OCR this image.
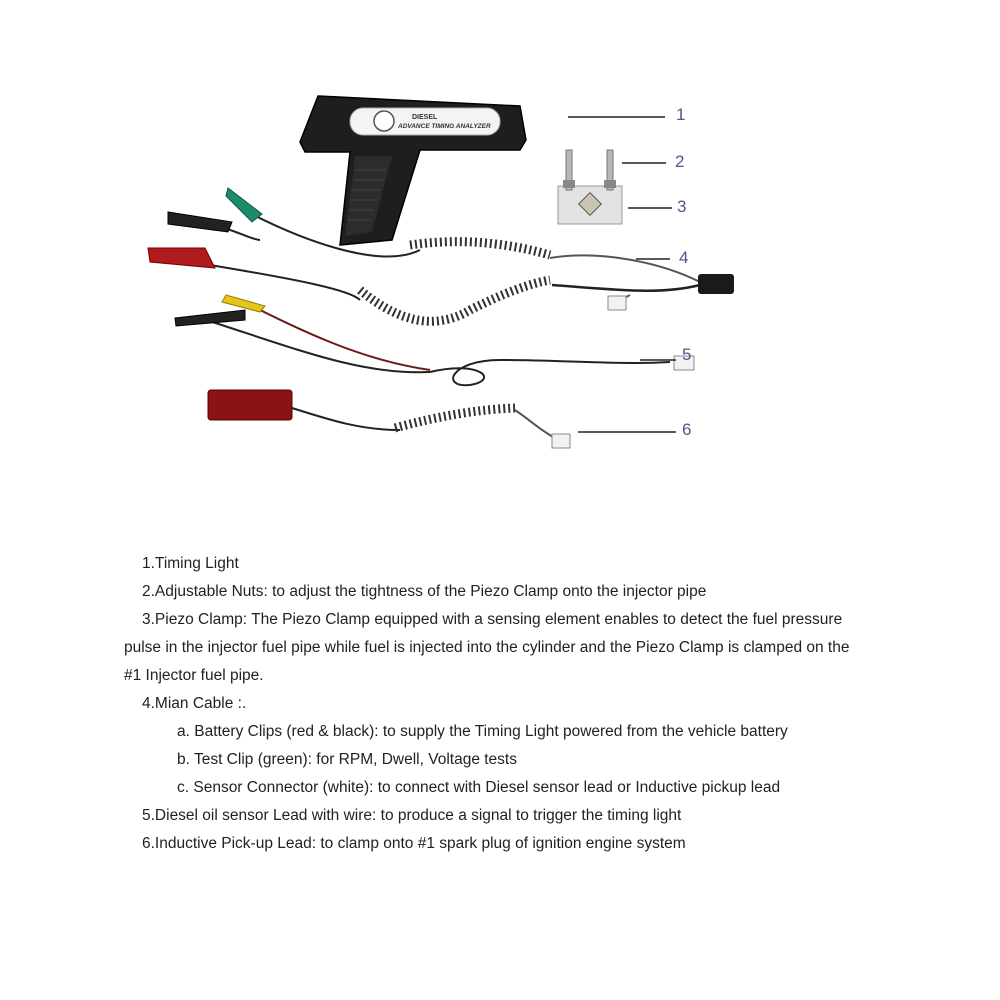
DIESEL
ADVANCE TIMING ANALYZER
1
2
3
4
5
6
1.Timing Light
2.Adjustable Nuts: to adjust the tightness of the Piezo Clamp onto the injector pipe
3.Piezo Clamp: The Piezo Clamp equipped with a sensing element enables to detect the fuel pressure
pulse in the injector fuel pipe while fuel is injected into the cylinder and the Piezo Clamp is clamped on the
#1 Injector fuel pipe.
4.Mian Cable :.
a. Battery Clips (red & black): to supply the Timing Light powered from the vehicle battery
b. Test Clip (green): for RPM, Dwell, Voltage tests
c. Sensor Connector (white): to connect with Diesel sensor lead or Inductive pickup lead
5.Diesel oil sensor Lead with wire: to produce a signal to trigger the timing light
6.Inductive Pick-up Lead: to clamp onto #1 spark plug of ignition engine system
